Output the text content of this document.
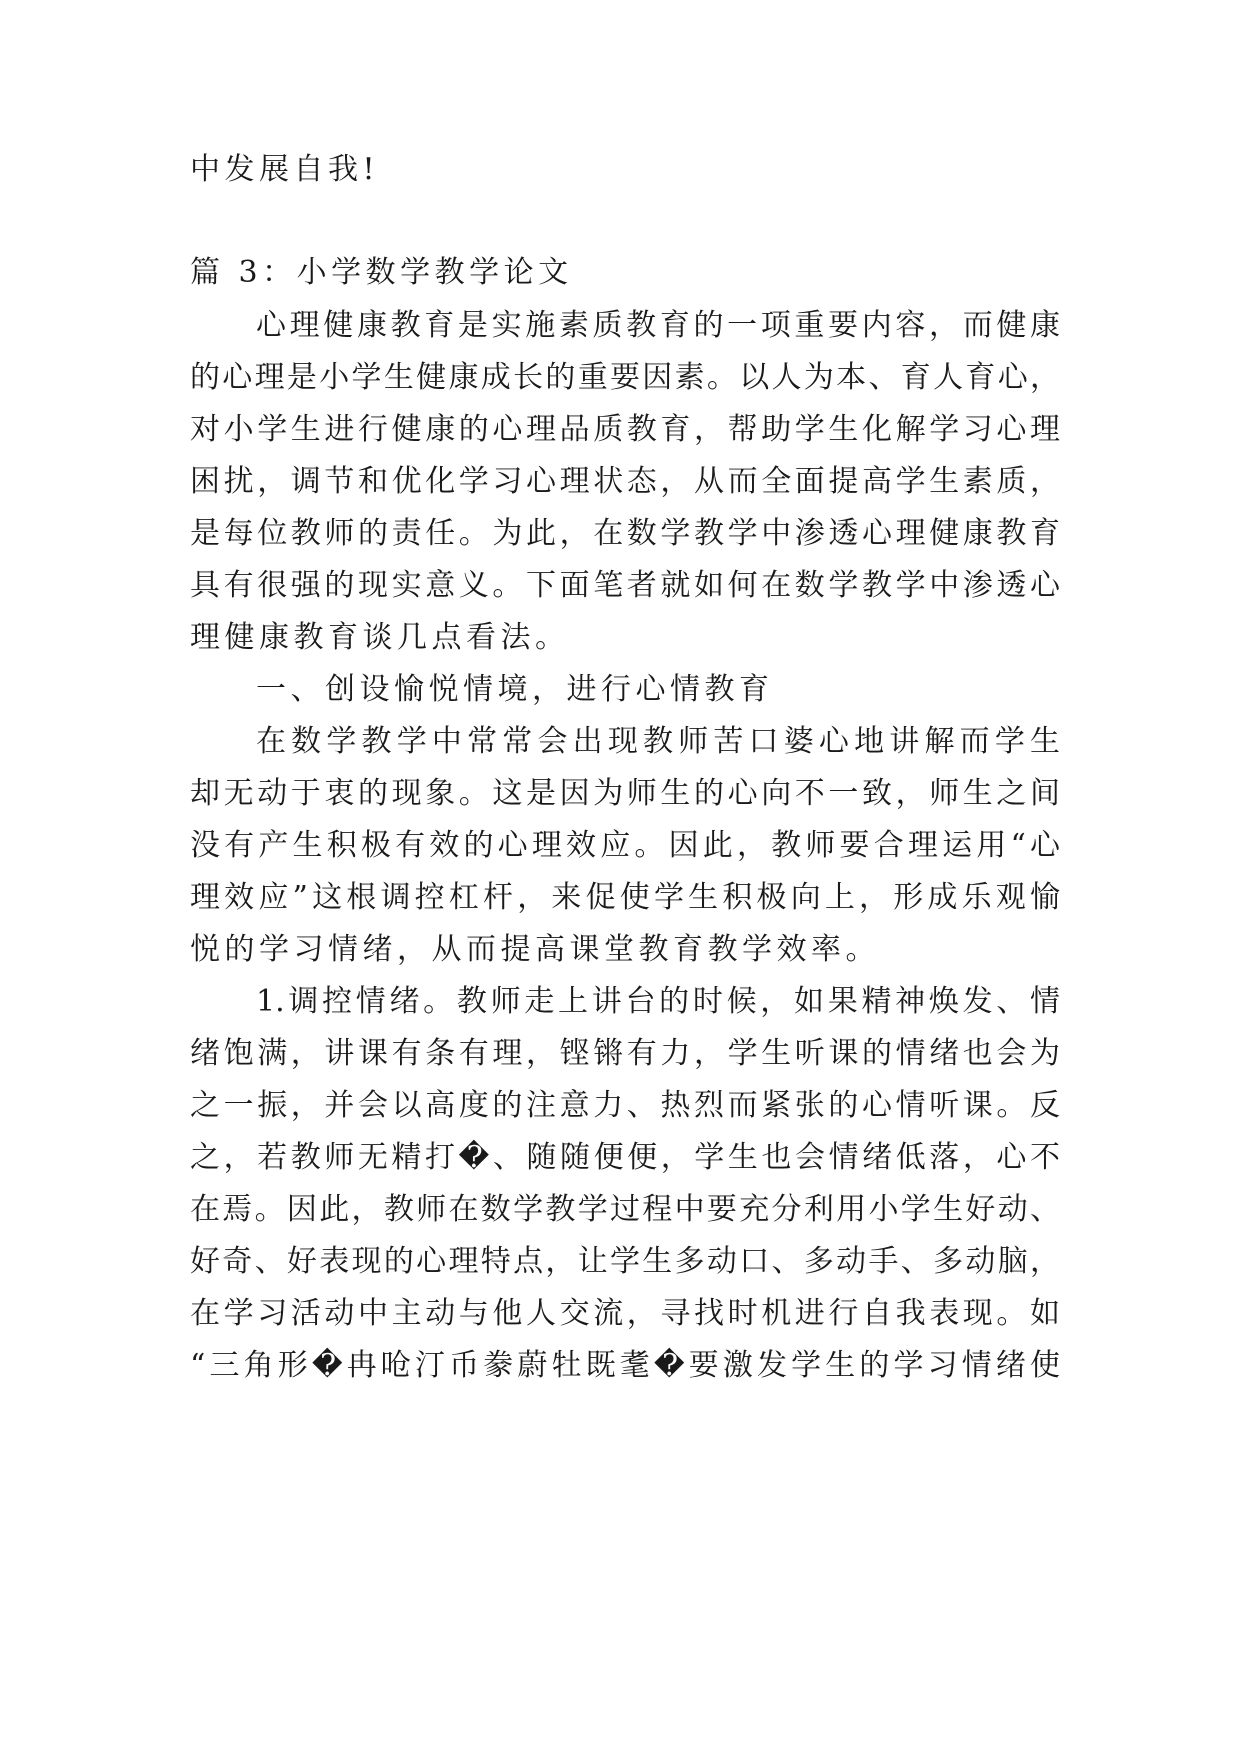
中发展自我!

篇 3：小学数学教学论文

心理健康教育是实施素质教育的一项重要内容，而健康

的心理是小学生健康成长的重要因素。以人为本、育人育心，

对小学生进行健康的心理品质教育，帮助学生化解学习心理

困扰，调节和优化学习心理状态，从而全面提高学生素质，

是每位教师的责任。为此，在数学教学中渗透心理健康教育

具有很强的现实意义。下面笔者就如何在数学教学中渗透心

理健康教育谈几点看法。

一、创设愉悦情境，进行心情教育

在数学教学中常常会出现教师苦口婆心地讲解而学生

却无动于衷的现象。这是因为师生的心向不一致，师生之间

没有产生积极有效的心理效应。因此，教师要合理运用“心

理效应”这根调控杠杆，来促使学生积极向上，形成乐观愉

悦的学习情绪，从而提高课堂教育教学效率。

1.调控情绪。教师走上讲台的时候，如果精神焕发、情

绪饱满，讲课有条有理，铿锵有力，学生听课的情绪也会为

之一振，并会以高度的注意力、热烈而紧张的心情听课。反

之，若教师无精打�、随随便便，学生也会情绪低落，心不

在焉。因此，教师在数学教学过程中要充分利用小学生好动、

好奇、好表现的心理特点，让学生多动口、多动手、多动脑，

在学习活动中主动与他人交流，寻找时机进行自我表现。如

“三角形�冉呛汀币豢蔚牡既耄�要激发学生的学习情绪使
